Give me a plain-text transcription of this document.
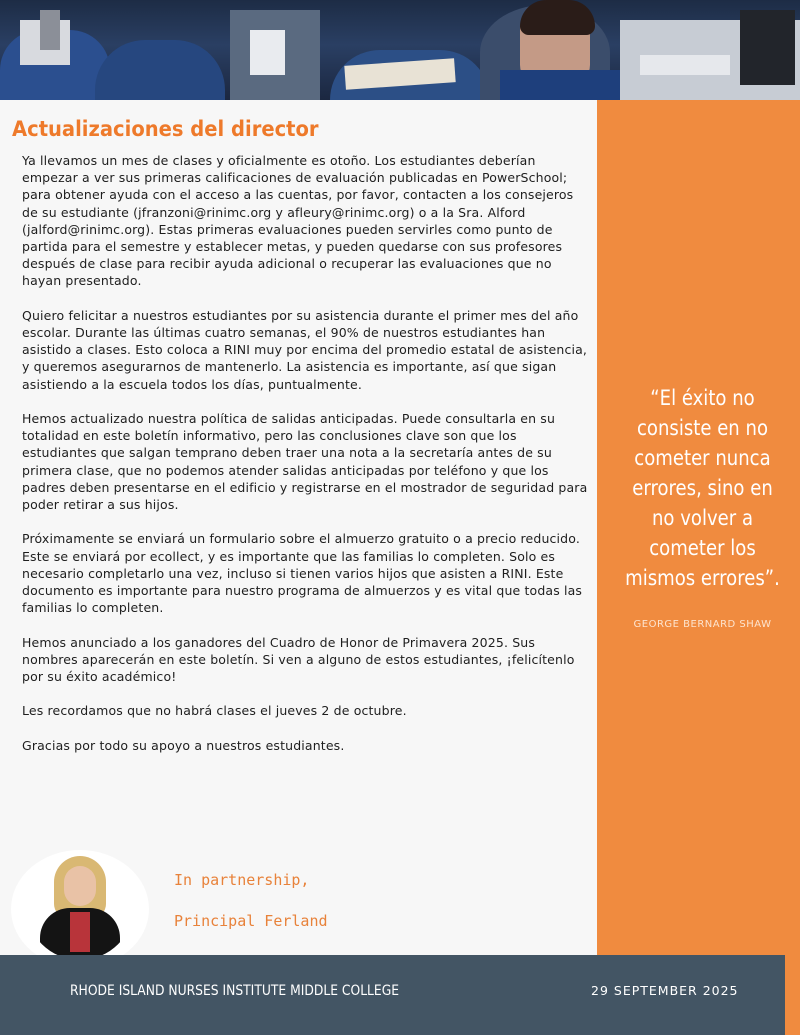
“El éxito no consiste en no cometer nunca errores, sino en no volver a cometer los mismos errores”.

GEORGE BERNARD SHAW

Actualizaciones del director

Ya llevamos un mes de clases y oficialmente es otoño. Los estudiantes deberían empezar a ver sus primeras calificaciones de evaluación publicadas en PowerSchool; para obtener ayuda con el acceso a las cuentas, por favor, contacten a los consejeros de su estudiante (jfranzoni@rinimc.org y afleury@rinimc.org) o a la Sra. Alford (jalford@rinimc.org). Estas primeras evaluaciones pueden servirles como punto de partida para el semestre y establecer metas, y pueden quedarse con sus profesores después de clase para recibir ayuda adicional o recuperar las evaluaciones que no hayan presentado.

Quiero felicitar a nuestros estudiantes por su asistencia durante el primer mes del año escolar. Durante las últimas cuatro semanas, el 90% de nuestros estudiantes han asistido a clases. Esto coloca a RINI muy por encima del promedio estatal de asistencia, y queremos asegurarnos de mantenerlo. La asistencia es importante, así que sigan asistiendo a la escuela todos los días, puntualmente.

Hemos actualizado nuestra política de salidas anticipadas. Puede consultarla en su totalidad en este boletín informativo, pero las conclusiones clave son que los estudiantes que salgan temprano deben traer una nota a la secretaría antes de su primera clase, que no podemos atender salidas anticipadas por teléfono y que los padres deben presentarse en el edificio y registrarse en el mostrador de seguridad para poder retirar a sus hijos.

Próximamente se enviará un formulario sobre el almuerzo gratuito o a precio reducido. Este se enviará por ecollect, y es importante que las familias lo completen. Solo es necesario completarlo una vez, incluso si tienen varios hijos que asisten a RINI. Este documento es importante para nuestro programa de almuerzos y es vital que todas las familias lo completen.

Hemos anunciado a los ganadores del Cuadro de Honor de Primavera 2025. Sus nombres aparecerán en este boletín. Si ven a alguno de estos estudiantes, ¡felicítenlo por su éxito académico!

Les recordamos que no habrá clases el jueves 2 de octubre.

Gracias por todo su apoyo a nuestros estudiantes.

In partnership,

Principal Ferland

RHODE ISLAND NURSES INSTITUTE MIDDLE COLLEGE	29 SEPTEMBER 2025
